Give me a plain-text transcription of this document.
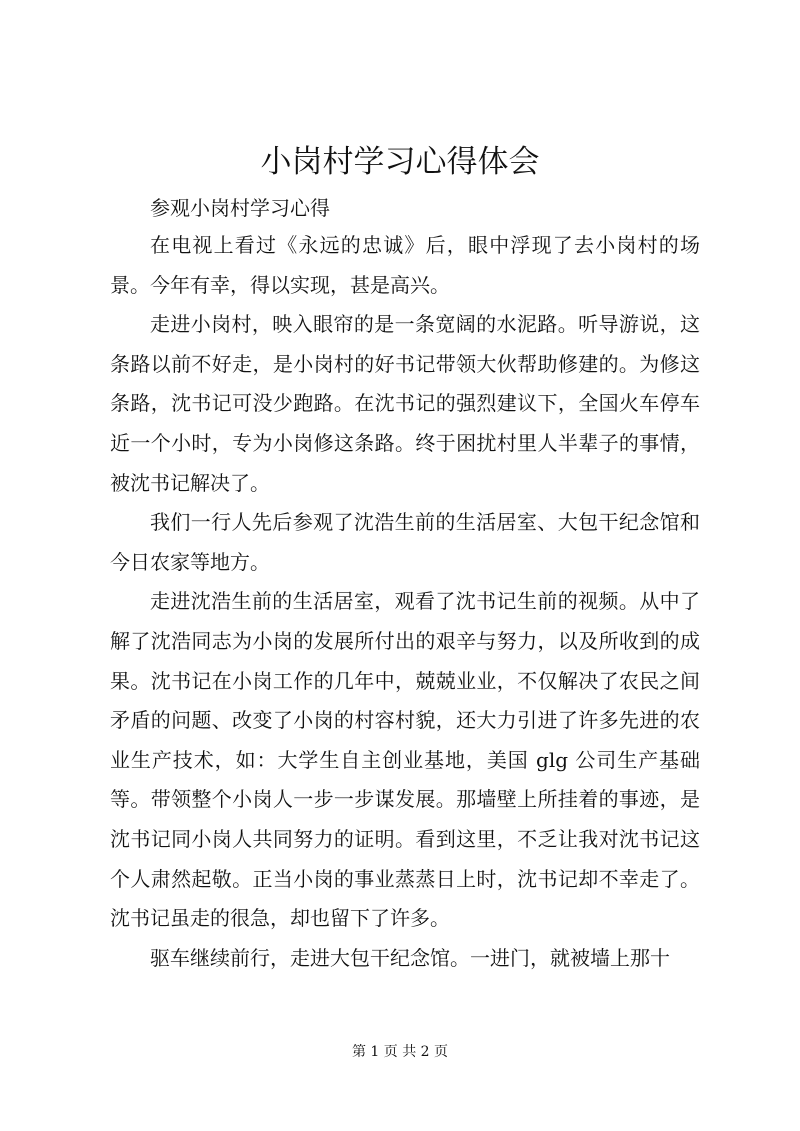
小岗村学习心得体会

参观小岗村学习心得

在电视上看过《永远的忠诚》后，眼中浮现了去小岗村的场景。今年有幸，得以实现，甚是高兴。

走进小岗村，映入眼帘的是一条宽阔的水泥路。听导游说，这条路以前不好走，是小岗村的好书记带领大伙帮助修建的。为修这条路，沈书记可没少跑路。在沈书记的强烈建议下，全国火车停车近一个小时，专为小岗修这条路。终于困扰村里人半辈子的事情，被沈书记解决了。

我们一行人先后参观了沈浩生前的生活居室、大包干纪念馆和今日农家等地方。

走进沈浩生前的生活居室，观看了沈书记生前的视频。从中了解了沈浩同志为小岗的发展所付出的艰辛与努力，以及所收到的成果。沈书记在小岗工作的几年中，兢兢业业，不仅解决了农民之间矛盾的问题、改变了小岗的村容村貌，还大力引进了许多先进的农业生产技术，如：大学生自主创业基地，美国 glg 公司生产基础等。带领整个小岗人一步一步谋发展。那墙壁上所挂着的事迹，是沈书记同小岗人共同努力的证明。看到这里，不乏让我对沈书记这个人肃然起敬。正当小岗的事业蒸蒸日上时，沈书记却不幸走了。沈书记虽走的很急，却也留下了许多。

驱车继续前行，走进大包干纪念馆。一进门，就被墙上那十

第 1 页 共 2 页
